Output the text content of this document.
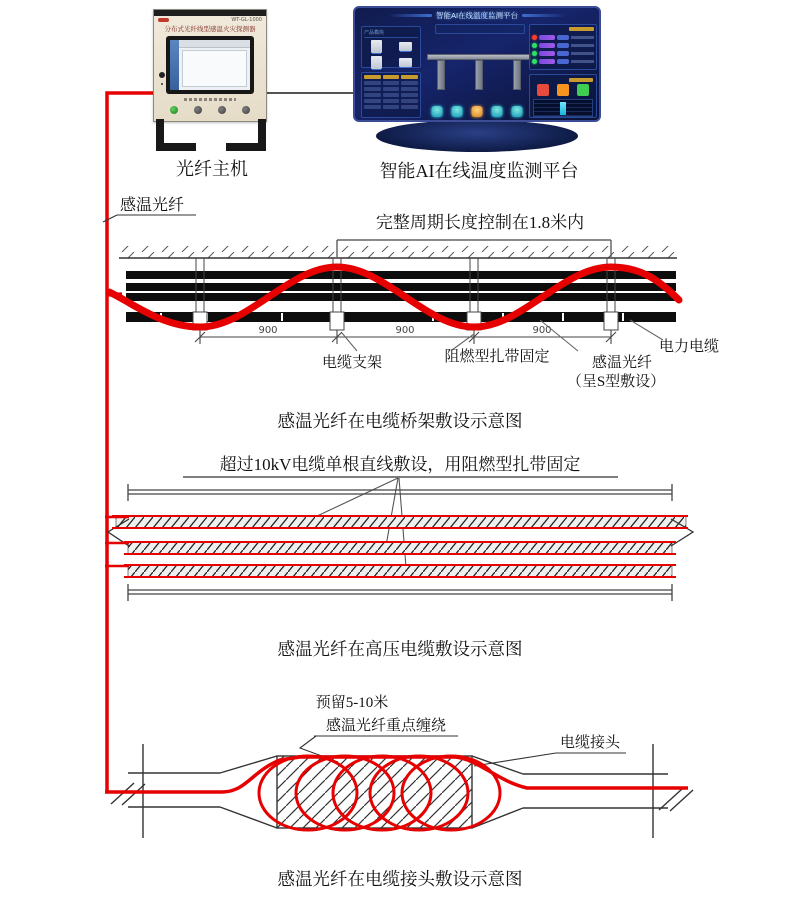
感温光纤
完整周期长度控制在1.8米内
900	900	900
电缆支架	阻燃型扎带固定	感温光纤
（呈S型敷设）
电力电缆
感温光纤在电缆桥架敷设示意图
超过10kV电缆单根直线敷设，用阻燃型扎带固定
感温光纤在高压电缆敷设示意图
预留5-10米
感温光纤重点缠绕
电缆接头
感温光纤在电缆接头敷设示意图
WT-GL-1000
分布式光纤线型感温火灾探测器
光纤主机
智能AI在线温度监测平台
产品模块
智能AI在线温度监测平台
